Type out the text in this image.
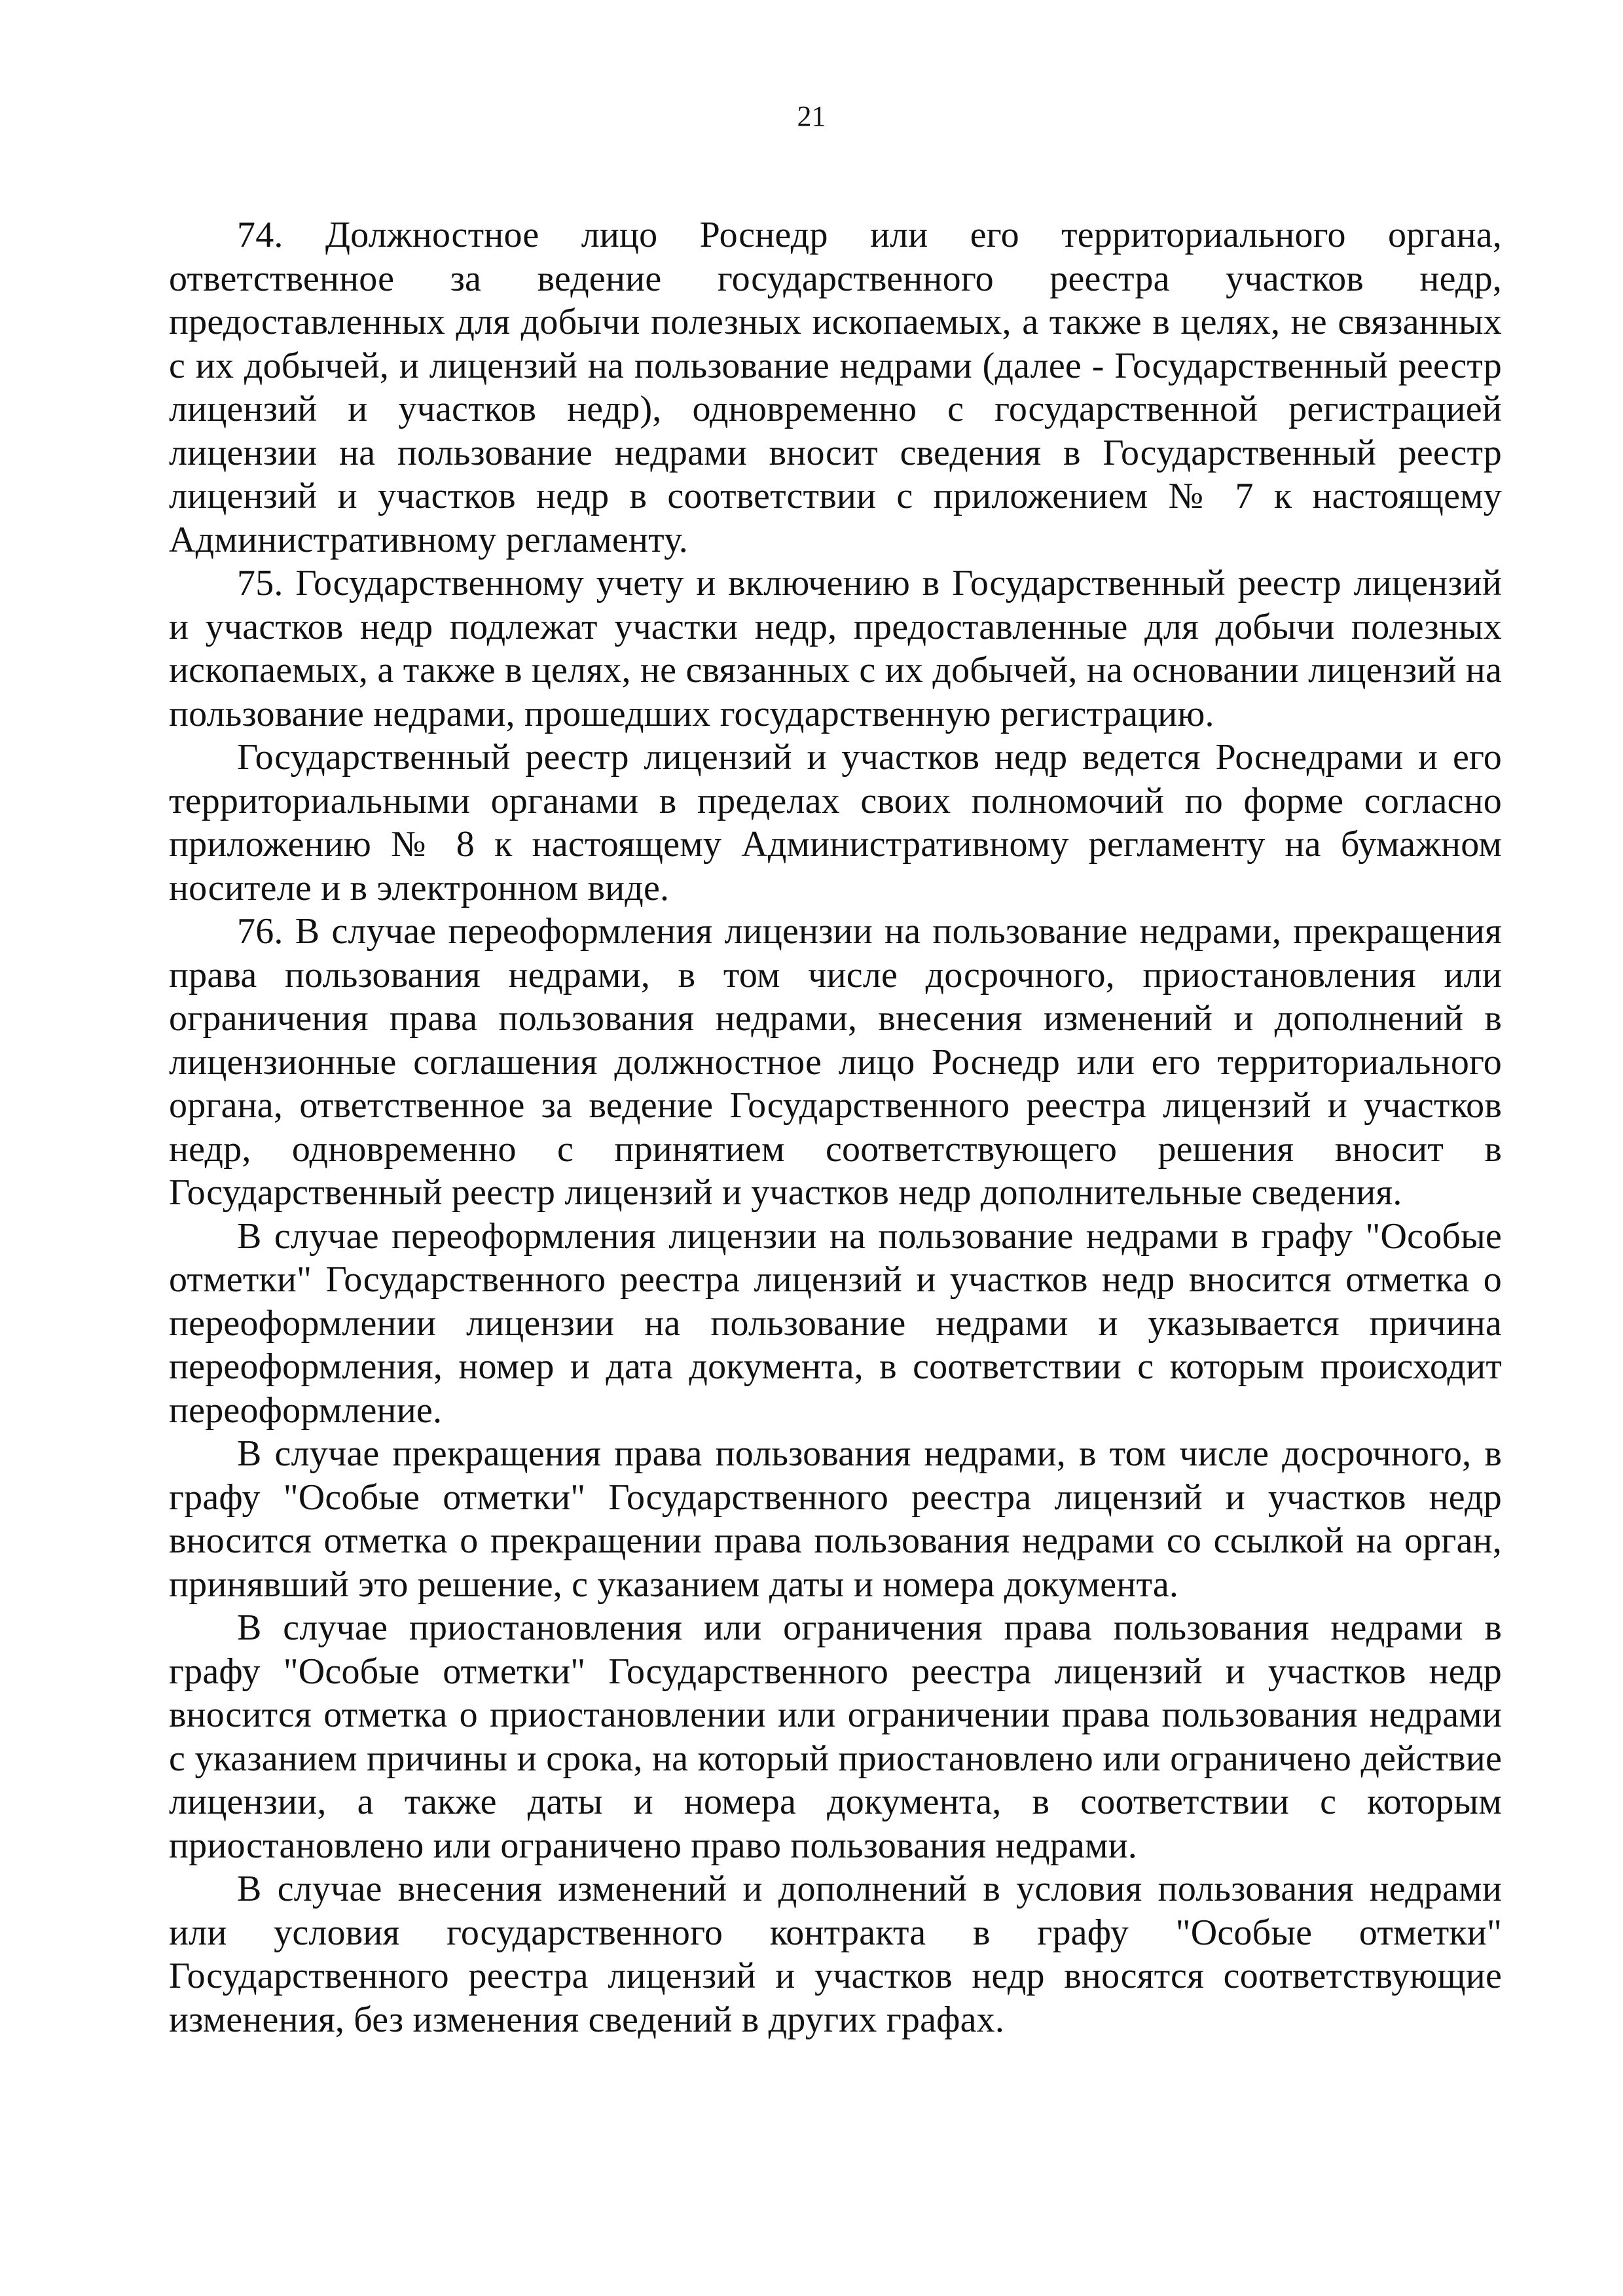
21

74. Должностное лицо Роснедр или его территориального органа, ответственное за ведение государственного реестра участков недр, предоставленных для добычи полезных ископаемых, а также в целях, не связанных с их добычей, и лицензий на пользование недрами (далее - Государственный реестр лицензий и участков недр), одновременно с государственной регистрацией лицензии на пользование недрами вносит сведения в Государственный реестр лицензий и участков недр в соответствии с приложением № 7 к настоящему Административному регламенту.

75. Государственному учету и включению в Государственный реестр лицензий и участков недр подлежат участки недр, предоставленные для добычи полезных ископаемых, а также в целях, не связанных с их добычей, на основании лицензий на пользование недрами, прошедших государственную регистрацию.

Государственный реестр лицензий и участков недр ведется Роснедрами и его территориальными органами в пределах своих полномочий по форме согласно приложению № 8 к настоящему Административному регламенту на бумажном носителе и в электронном виде.

76. В случае переоформления лицензии на пользование недрами, прекращения права пользования недрами, в том числе досрочного, приостановления или ограничения права пользования недрами, внесения изменений и дополнений в лицензионные соглашения должностное лицо Роснедр или его территориального органа, ответственное за ведение Государственного реестра лицензий и участков недр, одновременно с принятием соответствующего решения вносит в Государственный реестр лицензий и участков недр дополнительные сведения.

В случае переоформления лицензии на пользование недрами в графу "Особые отметки" Государственного реестра лицензий и участков недр вносится отметка о переоформлении лицензии на пользование недрами и указывается причина переоформления, номер и дата документа, в соответствии с которым происходит переоформление.

В случае прекращения права пользования недрами, в том числе досрочного, в графу "Особые отметки" Государственного реестра лицензий и участков недр вносится отметка о прекращении права пользования недрами со ссылкой на орган, принявший это решение, с указанием даты и номера документа.

В случае приостановления или ограничения права пользования недрами в графу "Особые отметки" Государственного реестра лицензий и участков недр вносится отметка о приостановлении или ограничении права пользования недрами с указанием причины и срока, на который приостановлено или ограничено действие лицензии, а также даты и номера документа, в соответствии с которым приостановлено или ограничено право пользования недрами.

В случае внесения изменений и дополнений в условия пользования недрами или условия государственного контракта в графу "Особые отметки" Государственного реестра лицензий и участков недр вносятся соответствующие изменения, без изменения сведений в других графах.
